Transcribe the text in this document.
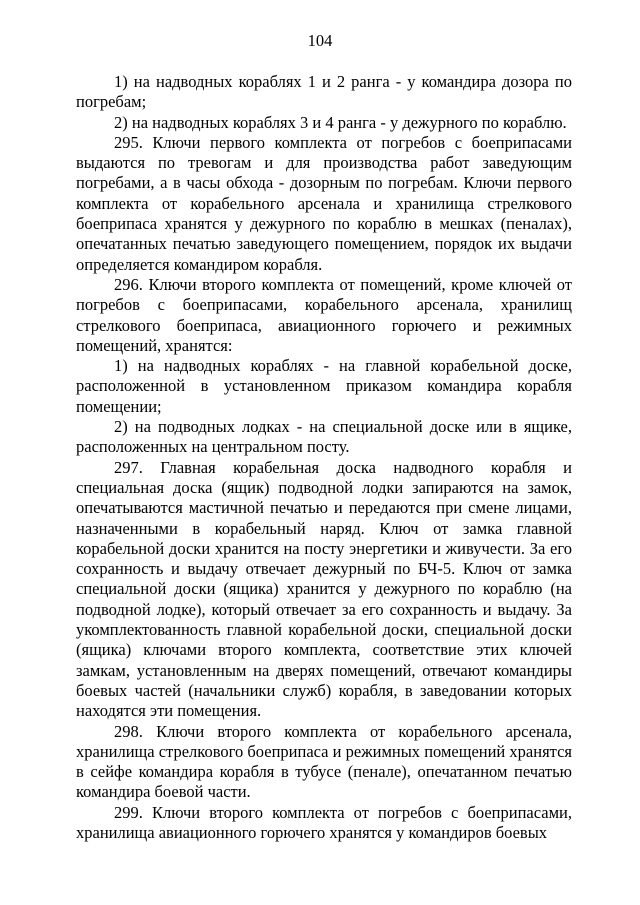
104

1) на надводных кораблях 1 и 2 ранга - у командира дозора по погребам;

2) на надводных кораблях 3 и 4 ранга - у дежурного по кораблю.

295. Ключи первого комплекта от погребов с боеприпасами выдаются по тревогам и для производства работ заведующим погребами, а в часы обхода - дозорным по погребам. Ключи первого комплекта от корабельного арсенала и хранилища стрелкового боеприпаса хранятся у дежурного по кораблю в мешках (пеналах), опечатанных печатью заведующего помещением, порядок их выдачи определяется командиром корабля.

296. Ключи второго комплекта от помещений, кроме ключей от погребов с боеприпасами, корабельного арсенала, хранилищ стрелкового боеприпаса, авиационного горючего и режимных помещений, хранятся:

1) на надводных кораблях - на главной корабельной доске, расположенной в установленном приказом командира корабля помещении;

2) на подводных лодках - на специальной доске или в ящике, расположенных на центральном посту.

297. Главная корабельная доска надводного корабля и специальная доска (ящик) подводной лодки запираются на замок, опечатываются мастичной печатью и передаются при смене лицами, назначенными в корабельный наряд. Ключ от замка главной корабельной доски хранится на посту энергетики и живучести. За его сохранность и выдачу отвечает дежурный по БЧ-5. Ключ от замка специальной доски (ящика) хранится у дежурного по кораблю (на подводной лодке), который отвечает за его сохранность и выдачу. За укомплектованность главной корабельной доски, специальной доски (ящика) ключами второго комплекта, соответствие этих ключей замкам, установленным на дверях помещений, отвечают командиры боевых частей (начальники служб) корабля, в заведовании которых находятся эти помещения.

298. Ключи второго комплекта от корабельного арсенала, хранилища стрелкового боеприпаса и режимных помещений хранятся в сейфе командира корабля в тубусе (пенале), опечатанном печатью командира боевой части.

299. Ключи второго комплекта от погребов с боеприпасами, хранилища авиационного горючего хранятся у командиров боевых
